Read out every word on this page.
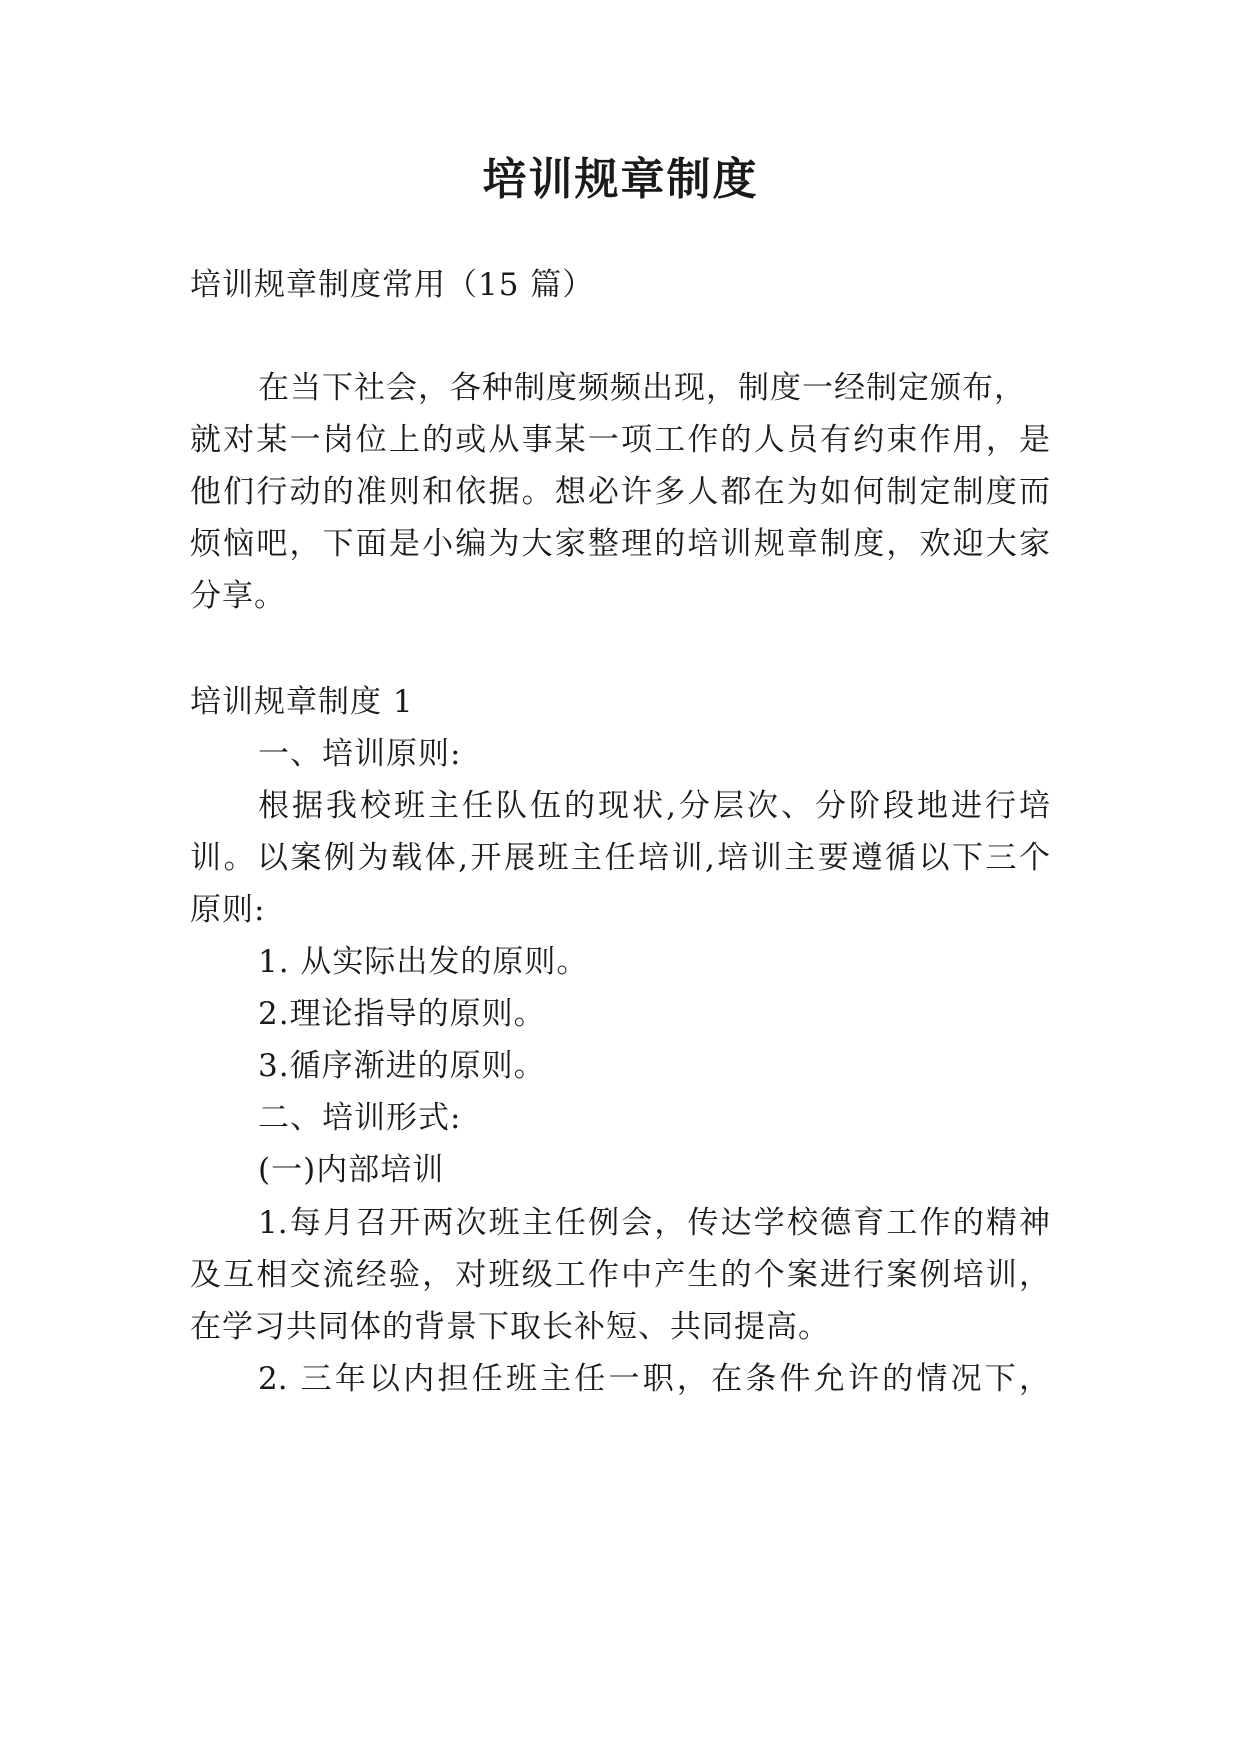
培训规章制度

培训规章制度常用（15 篇）

在当下社会，各种制度频频出现，制度一经制定颁布，

就对某一岗位上的或从事某一项工作的人员有约束作用，是

他们行动的准则和依据。想必许多人都在为如何制定制度而

烦恼吧，下面是小编为大家整理的培训规章制度，欢迎大家

分享。

培训规章制度 1

一、培训原则:

根据我校班主任队伍的现状,分层次、分阶段地进行培

训。以案例为载体,开展班主任培训,培训主要遵循以下三个

原则:

1. 从实际出发的原则。

2.理论指导的原则。

3.循序渐进的原则。

二、培训形式:

(一)内部培训

1.每月召开两次班主任例会，传达学校德育工作的精神

及互相交流经验，对班级工作中产生的个案进行案例培训，

在学习共同体的背景下取长补短、共同提高。

2. 三年以内担任班主任一职，在条件允许的情况下，
